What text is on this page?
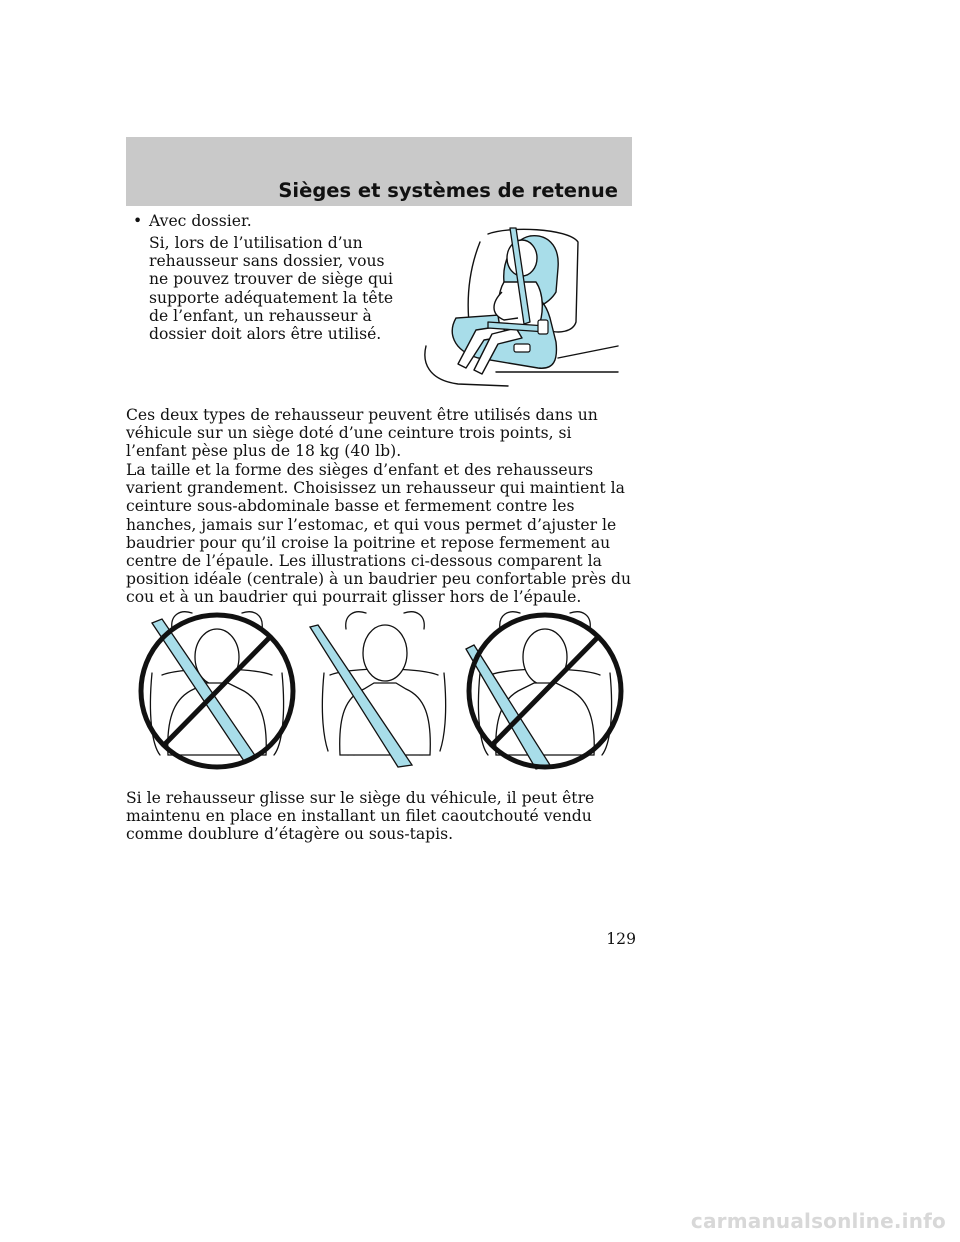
Sièges et systèmes de retenue
• Avec dossier.
Si, lors de l’utilisation d’un rehausseur sans dossier, vous ne pouvez trouver de siège qui supporte adéquatement la tête de l’enfant, un rehausseur à dossier doit alors être utilisé.
Ces deux types de rehausseur peuvent être utilisés dans un véhicule sur un siège doté d’une ceinture trois points, si l’enfant pèse plus de 18 kg (40 lb).
La taille et la forme des sièges d’enfant et des rehausseurs varient grandement. Choisissez un rehausseur qui maintient la ceinture sous-abdominale basse et fermement contre les hanches, jamais sur l’estomac, et qui vous permet d’ajuster le baudrier pour qu’il croise la poitrine et repose fermement au centre de l’épaule. Les illustrations ci-dessous comparent la position idéale (centrale) à un baudrier peu confortable près du cou et à un baudrier qui pourrait glisser hors de l’épaule.
Si le rehausseur glisse sur le siège du véhicule, il peut être maintenu en place en installant un filet caoutchouté vendu comme doublure d’étagère ou sous-tapis.
129
carmanualsonline.info
